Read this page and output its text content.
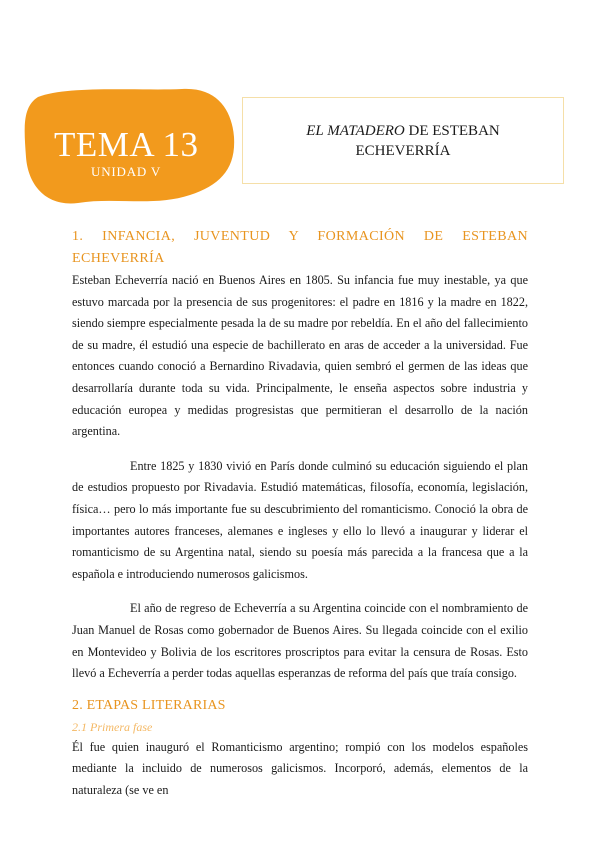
TEMA 13
UNIDAD V
EL MATADERO DE ESTEBAN ECHEVERRÍA
1. INFANCIA, JUVENTUD Y FORMACIÓN DE ESTEBAN ECHEVERRÍA

Esteban Echeverría nació en Buenos Aires en 1805. Su infancia fue muy inestable, ya que estuvo marcada por la presencia de sus progenitores: el padre en 1816 y la madre en 1822, siendo siempre especialmente pesada la de su madre por rebeldía. En el año del fallecimiento de su madre, él estudió una especie de bachillerato en aras de acceder a la universidad. Fue entonces cuando conoció a Bernardino Rivadavia, quien sembró el germen de las ideas que desarrollaría durante toda su vida. Principalmente, le enseña aspectos sobre industria y educación europea y medidas progresistas que permitieran el desarrollo de la nación argentina.

Entre 1825 y 1830 vivió en París donde culminó su educación siguiendo el plan de estudios propuesto por Rivadavia. Estudió matemáticas, filosofía, economía, legislación, física… pero lo más importante fue su descubrimiento del romanticismo. Conoció la obra de importantes autores franceses, alemanes e ingleses y ello lo llevó a inaugurar y liderar el romanticismo de su Argentina natal, siendo su poesía más parecida a la francesa que a la española e introduciendo numerosos galicismos.

El año de regreso de Echeverría a su Argentina coincide con el nombramiento de Juan Manuel de Rosas como gobernador de Buenos Aires. Su llegada coincide con el exilio en Montevideo y Bolivia de los escritores proscriptos para evitar la censura de Rosas. Esto llevó a Echeverría a perder todas aquellas esperanzas de reforma del país que traía consigo.

2. ETAPAS LITERARIAS
2.1 Primera fase

Él fue quien inauguró el Romanticismo argentino; rompió con los modelos españoles mediante la incluido de numerosos galicismos. Incorporó, además, elementos de la naturaleza (se ve en
